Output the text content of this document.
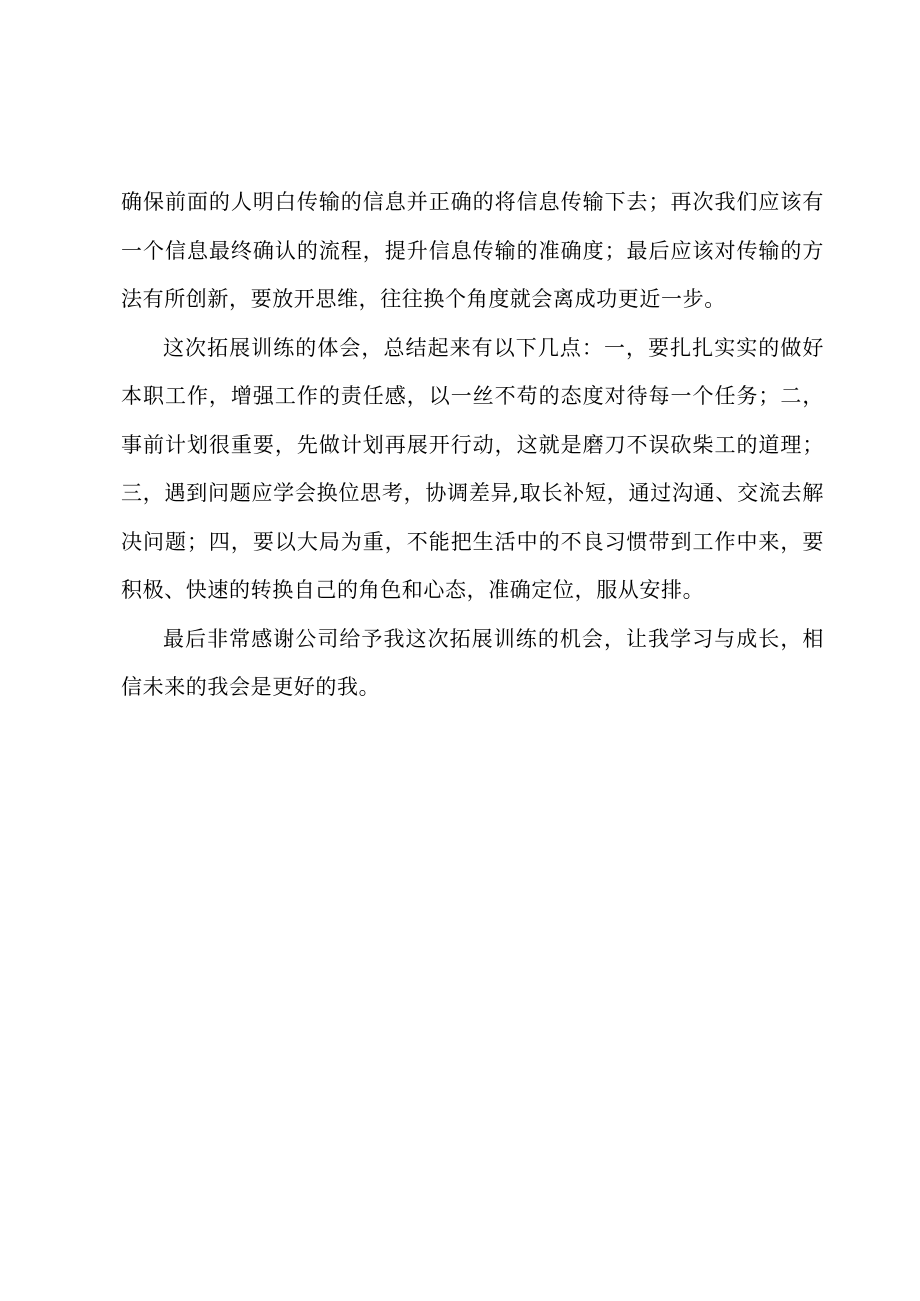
确保前面的人明白传输的信息并正确的将信息传输下去；再次我们应该有一个信息最终确认的流程，提升信息传输的准确度；最后应该对传输的方法有所创新，要放开思维，往往换个角度就会离成功更近一步。

这次拓展训练的体会，总结起来有以下几点：一，要扎扎实实的做好本职工作，增强工作的责任感，以一丝不苟的态度对待每一个任务；二，事前计划很重要，先做计划再展开行动，这就是磨刀不误砍柴工的道理；三，遇到问题应学会换位思考，协调差异,取长补短，通过沟通、交流去解决问题；四，要以大局为重，不能把生活中的不良习惯带到工作中来，要积极、快速的转换自己的角色和心态，准确定位，服从安排。

最后非常感谢公司给予我这次拓展训练的机会，让我学习与成长，相信未来的我会是更好的我。
